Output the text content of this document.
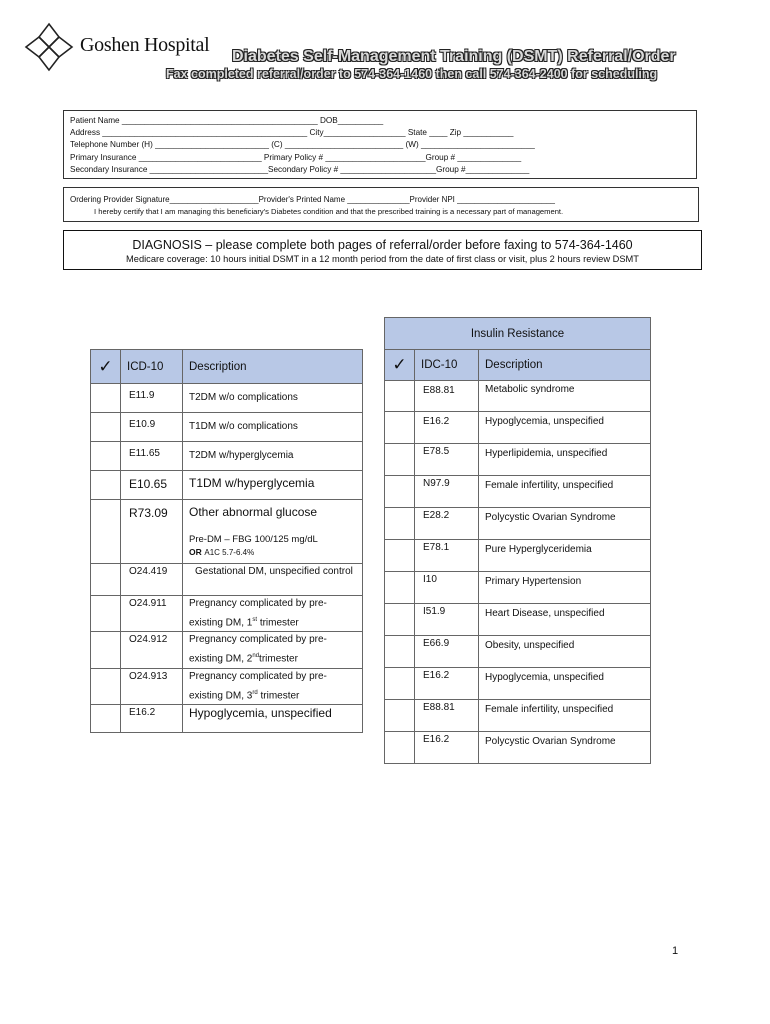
Goshen Hospital
Diabetes Self-Management Training (DSMT) Referral/Order
Fax completed referral/order to 574-364-1460 then call 574-364-2400 for scheduling
Patient Name ___________________________________________ DOB__________
Address _____________________________________________ City__________________ State ____ Zip ___________
Telephone Number (H) _________________________ (C) __________________________ (W) _________________________
Primary Insurance ___________________________ Primary Policy # ______________________Group # ______________
Secondary Insurance __________________________Secondary Policy # _____________________Group #______________
Ordering Provider Signature____________________Provider's Printed Name ______________Provider NPI ______________________
I hereby certify that I am managing this beneficiary's Diabetes condition and that the prescribed training is a necessary part of management.
DIAGNOSIS – please complete both pages of referral/order before faxing to 574-364-1460
Medicare coverage: 10 hours initial DSMT in a 12 month period from the date of first class or visit, plus 2 hours review DSMT
✓	ICD-10	Description
	E11.9	T2DM w/o complications
	E10.9	T1DM w/o complications
	E11.65	T2DM w/hyperglycemia
	E10.65	T1DM w/hyperglycemia
	R73.09	Other abnormal glucose
Pre-DM – FBG 100/125 mg/dL
OR A1C 5.7-6.4%

	O24.419	Gestational DM, unspecified control
	O24.911	Pregnancy complicated by pre-
existing DM, 1st trimester
	O24.912	Pregnancy complicated by pre-
existing DM, 2ndtrimester
	O24.913	Pregnancy complicated by pre-
existing DM, 3rd trimester
	E16.2	Hypoglycemia, unspecified
Insulin Resistance		
✓	IDC-10	Description
	E88.81	Metabolic syndrome
	E16.2	Hypoglycemia, unspecified
	E78.5	Hyperlipidemia, unspecified
	N97.9	Female infertility, unspecified
	E28.2	Polycystic Ovarian Syndrome
	E78.1	Pure Hyperglyceridemia
	I10	Primary Hypertension
	I51.9	Heart Disease, unspecified
	E66.9	Obesity, unspecified
	E16.2	Hypoglycemia, unspecified
	E88.81	Female infertility, unspecified
	E16.2	Polycystic Ovarian Syndrome
1
